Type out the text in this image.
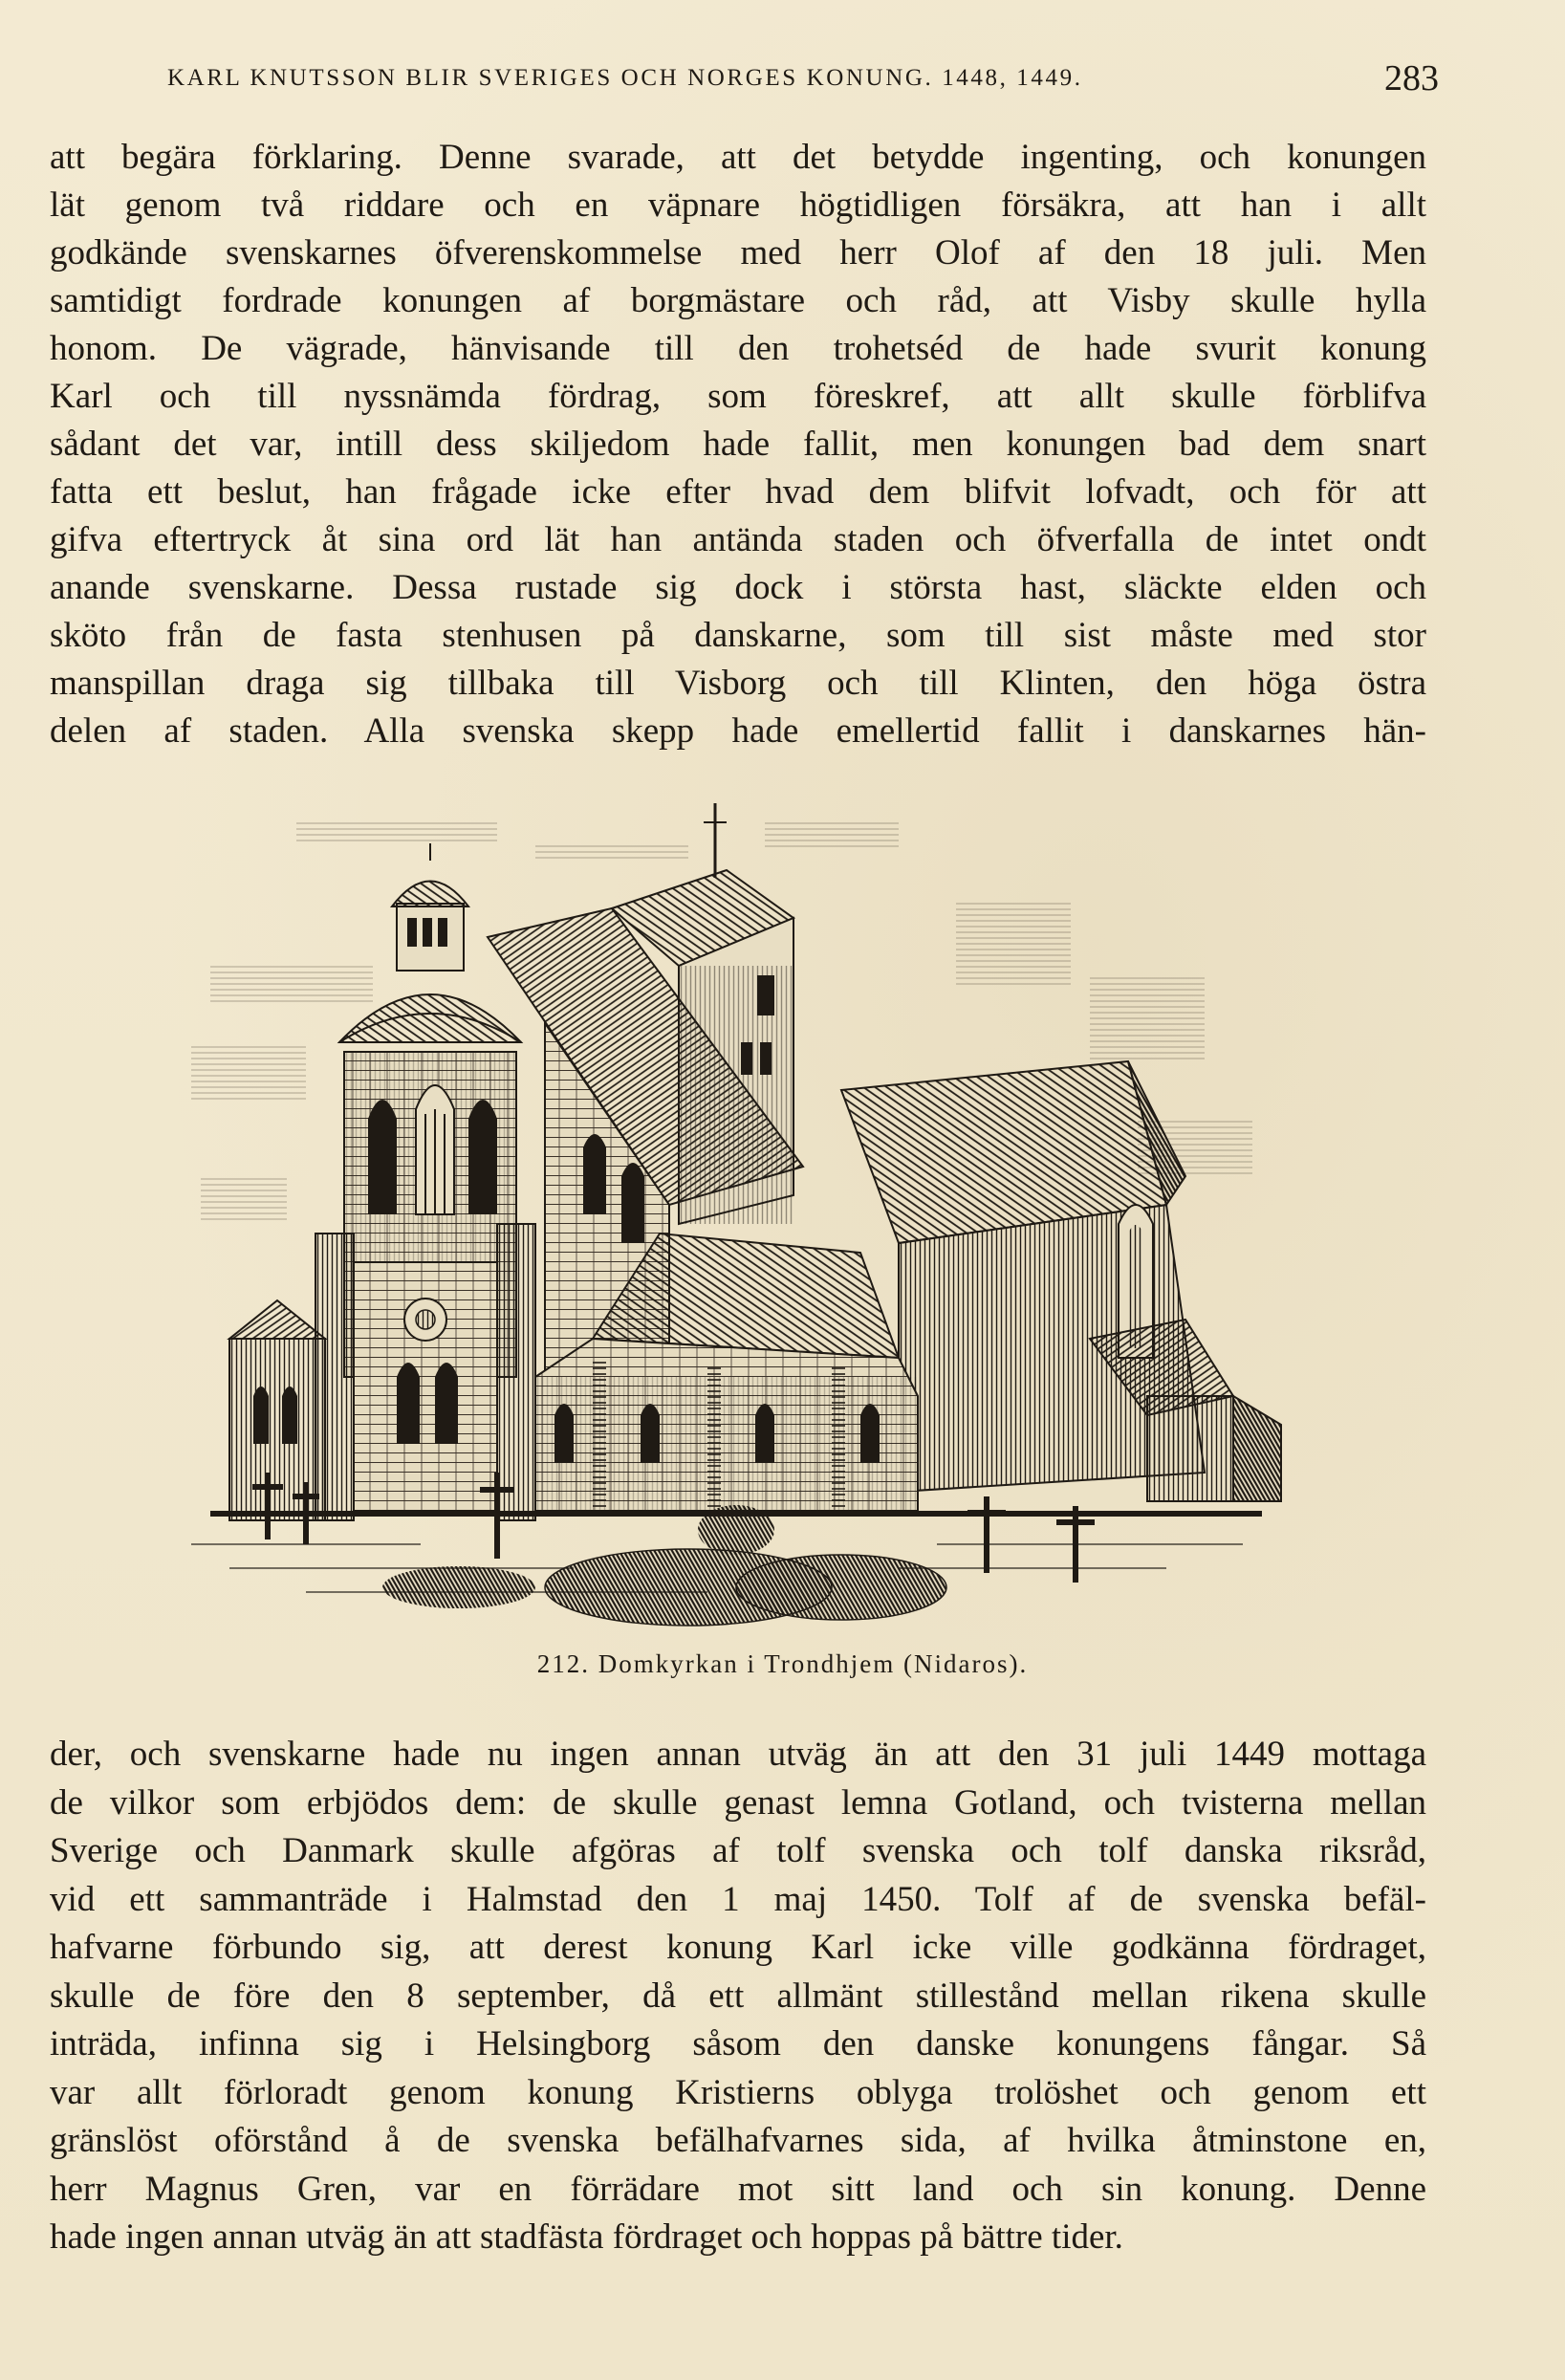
KARL KNUTSSON BLIR SVERIGES OCH NORGES KONUNG. 1448, 1449.	283
att begära förklaring. Denne svarade, att det betydde ingenting, och konungen
lät genom två riddare och en väpnare högtidligen försäkra, att han i allt
godkände svenskarnes öfverenskommelse med herr Olof af den 18 juli. Men
samtidigt fordrade konungen af borgmästare och råd, att Visby skulle hylla
honom. De vägrade, hänvisande till den trohetséd de hade svurit konung
Karl och till nyssnämda fördrag, som föreskref, att allt skulle förblifva
sådant det var, intill dess skiljedom hade fallit, men konungen bad dem snart
fatta ett beslut, han frågade icke efter hvad dem blifvit lofvadt, och för att
gifva eftertryck åt sina ord lät han antända staden och öfverfalla de intet ondt
anande svenskarne. Dessa rustade sig dock i största hast, släckte elden och
sköto från de fasta stenhusen på danskarne, som till sist måste med stor
manspillan draga sig tillbaka till Visborg och till Klinten, den höga östra
delen af staden. Alla svenska skepp hade emellertid fallit i danskarnes hän-
212. Domkyrkan i Trondhjem (Nidaros).
der, och svenskarne hade nu ingen annan utväg än att den 31 juli 1449 mottaga
de vilkor som erbjödos dem: de skulle genast lemna Gotland, och tvisterna mellan
Sverige och Danmark skulle afgöras af tolf svenska och tolf danska riksråd,
vid ett sammanträde i Halmstad den 1 maj 1450. Tolf af de svenska befäl-
hafvarne förbundo sig, att derest konung Karl icke ville godkänna fördraget,
skulle de före den 8 september, då ett allmänt stillestånd mellan rikena skulle
inträda, infinna sig i Helsingborg såsom den danske konungens fångar. Så
var allt förloradt genom konung Kristierns oblyga trolöshet och genom ett
gränslöst oförstånd å de svenska befälhafvarnes sida, af hvilka åtminstone en,
herr Magnus Gren, var en förrädare mot sitt land och sin konung. Denne
hade ingen annan utväg än att stadfästa fördraget och hoppas på bättre tider.
